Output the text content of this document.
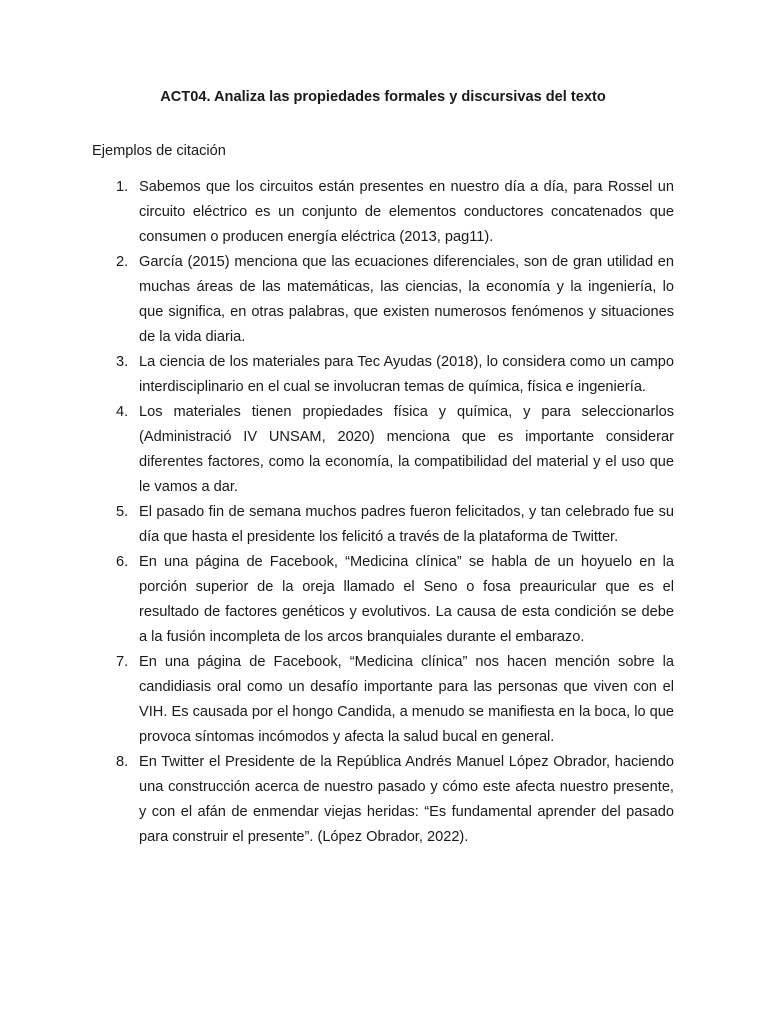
ACT04. Analiza las propiedades formales y discursivas del texto
Ejemplos de citación
1. Sabemos que los circuitos están presentes en nuestro día a día, para Rossel un circuito eléctrico es un conjunto de elementos conductores concatenados que consumen o producen energía eléctrica (2013, pag11).
2. García (2015) menciona que las ecuaciones diferenciales, son de gran utilidad en muchas áreas de las matemáticas, las ciencias, la economía y la ingeniería, lo que significa, en otras palabras, que existen numerosos fenómenos y situaciones de la vida diaria.
3. La ciencia de los materiales para Tec Ayudas (2018), lo considera como un campo interdisciplinario en el cual se involucran temas de química, física e ingeniería.
4. Los materiales tienen propiedades física y química, y para seleccionarlos (Administració IV UNSAM, 2020) menciona que es importante considerar diferentes factores, como la economía, la compatibilidad del material y el uso que le vamos a dar.
5. El pasado fin de semana muchos padres fueron felicitados, y tan celebrado fue su día que hasta el presidente los felicitó a través de la plataforma de Twitter.
6. En una página de Facebook, “Medicina clínica” se habla de un hoyuelo en la porción superior de la oreja llamado el Seno o fosa preauricular que es el resultado de factores genéticos y evolutivos. La causa de esta condición se debe a la fusión incompleta de los arcos branquiales durante el embarazo.
7. En una página de Facebook, “Medicina clínica” nos hacen mención sobre la candidiasis oral como un desafío importante para las personas que viven con el VIH. Es causada por el hongo Candida, a menudo se manifiesta en la boca, lo que provoca síntomas incómodos y afecta la salud bucal en general.
8. En Twitter el Presidente de la República Andrés Manuel López Obrador, haciendo una construcción acerca de nuestro pasado y cómo este afecta nuestro presente, y con el afán de enmendar viejas heridas: “Es fundamental aprender del pasado para construir el presente”. (López Obrador, 2022).
